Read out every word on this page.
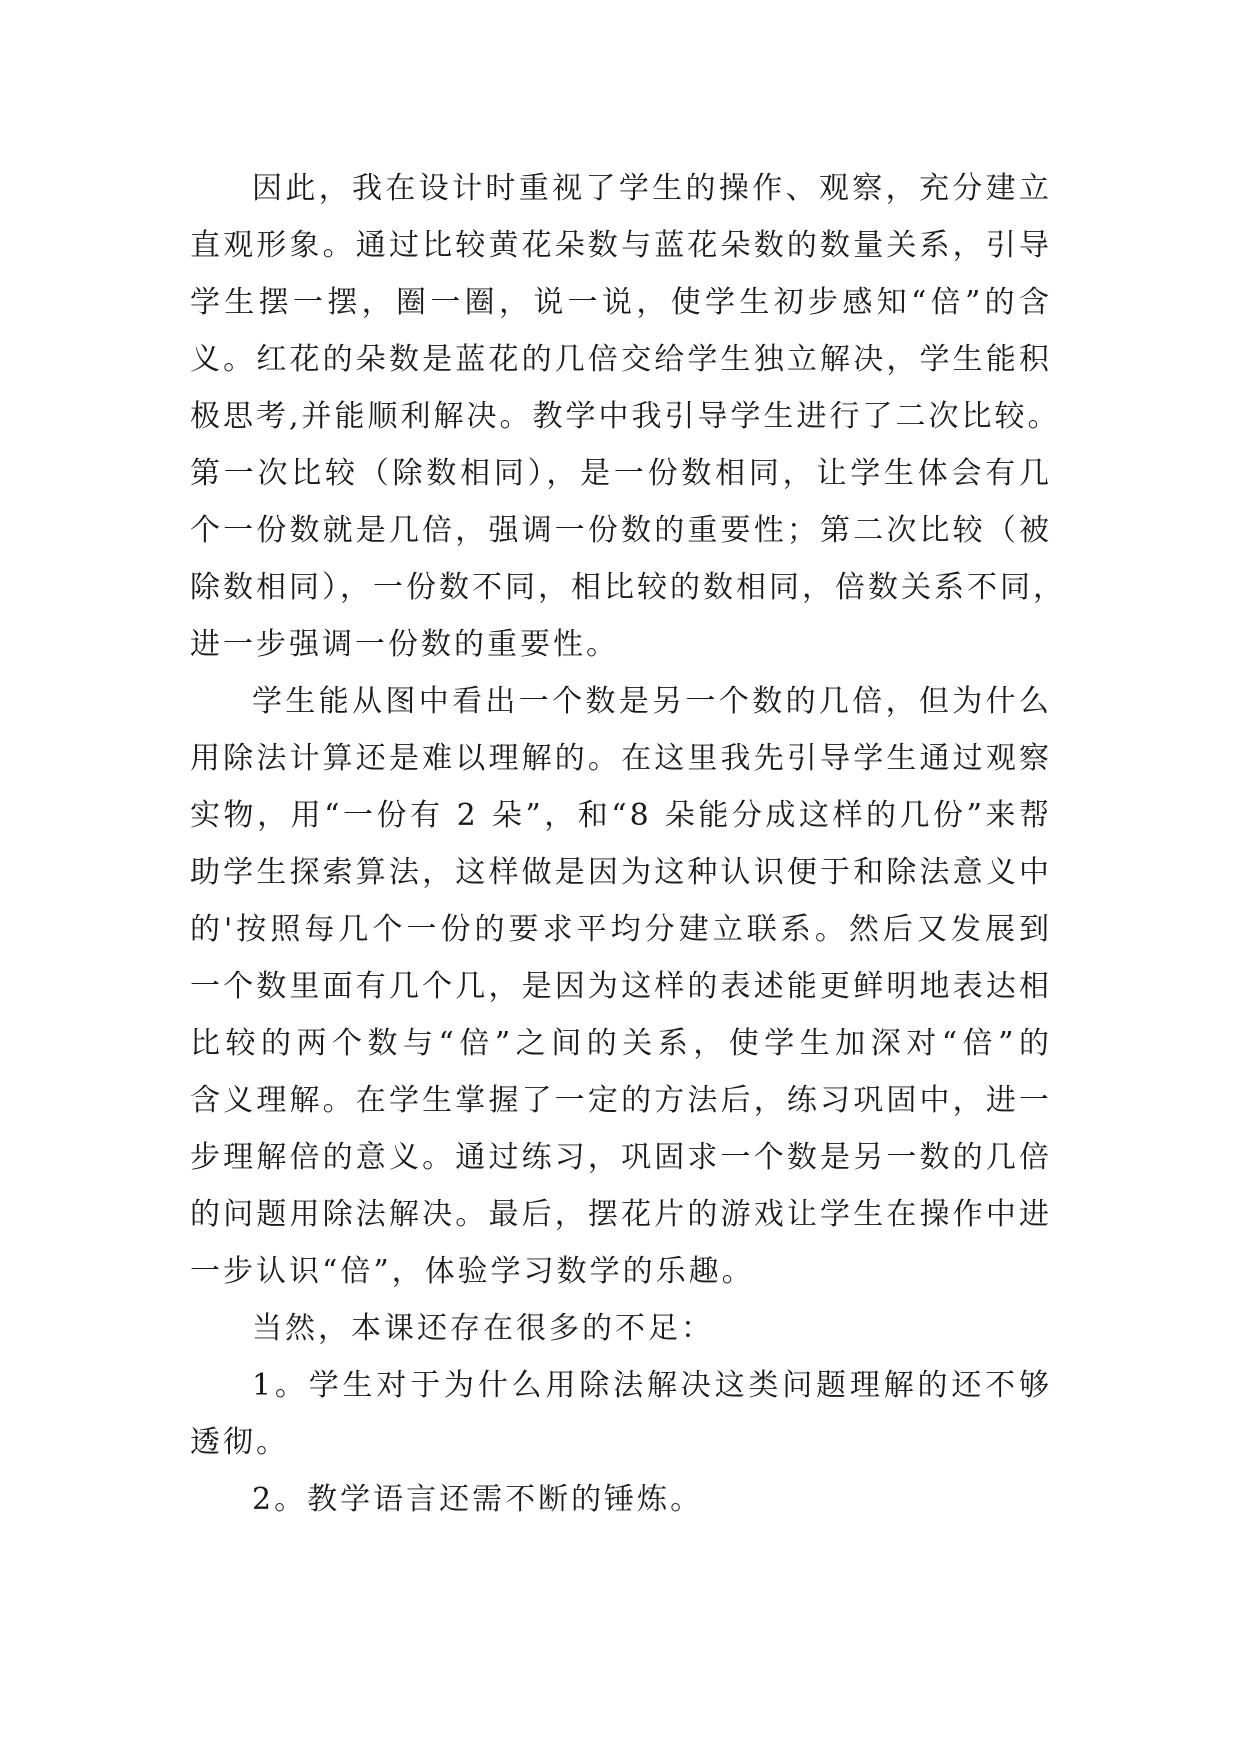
因此，我在设计时重视了学生的操作、观察，充分建立
直观形象。通过比较黄花朵数与蓝花朵数的数量关系，引导
学生摆一摆，圈一圈，说一说，使学生初步感知“倍”的含
义。红花的朵数是蓝花的几倍交给学生独立解决，学生能积
极思考,并能顺利解决。教学中我引导学生进行了二次比较。
第一次比较（除数相同），是一份数相同，让学生体会有几
个一份数就是几倍，强调一份数的重要性；第二次比较（被
除数相同），一份数不同，相比较的数相同，倍数关系不同，
进一步强调一份数的重要性。
学生能从图中看出一个数是另一个数的几倍，但为什么
用除法计算还是难以理解的。在这里我先引导学生通过观察
实物，用“一份有 2 朵”，和“8 朵能分成这样的几份”来帮
助学生探索算法，这样做是因为这种认识便于和除法意义中
的'按照每几个一份的要求平均分建立联系。然后又发展到
一个数里面有几个几，是因为这样的表述能更鲜明地表达相
比较的两个数与“倍”之间的关系，使学生加深对“倍”的
含义理解。在学生掌握了一定的方法后，练习巩固中，进一
步理解倍的意义。通过练习，巩固求一个数是另一数的几倍
的问题用除法解决。最后，摆花片的游戏让学生在操作中进
一步认识“倍”，体验学习数学的乐趣。
当然，本课还存在很多的不足：
1。学生对于为什么用除法解决这类问题理解的还不够
透彻。
2。教学语言还需不断的锤炼。
